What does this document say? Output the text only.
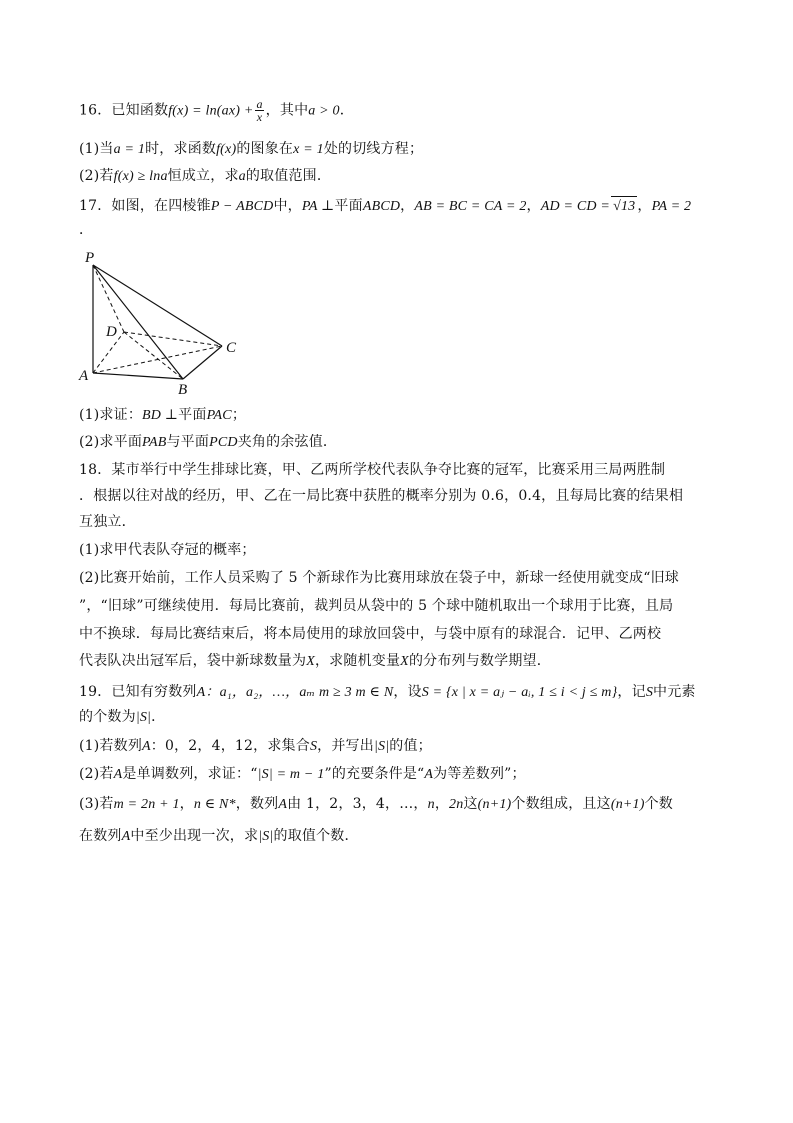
16．已知函数$f(x) = \ln(ax) + \frac{a}{x}$ ，其中a > 0．
(1)当a = 1时，求函数f(x)的图象在x = 1处的切线方程；
(2)若f(x) ≥ lna恒成立，求a的取值范围．
17．如图，在四棱锥P − ABCD中，PA ⊥平面ABCD，AB = BC = CA = 2，AD = CD = √13 ，PA = 2
．
P
D
C
A
B
(1)求证：BD ⊥平面PAC；
(2)求平面PAB与平面PCD夹角的余弦值．
18．某市举行中学生排球比赛，甲、乙两所学校代表队争夺比赛的冠军，比赛采用三局两胜制
．根据以往对战的经历，甲、乙在一局比赛中获胜的概率分别为 0.6，0.4，且每局比赛的结果相
互独立．
(1)求甲代表队夺冠的概率；
(2)比赛开始前，工作人员采购了 5 个新球作为比赛用球放在袋子中，新球一经使用就变成“旧球
”，“旧球”可继续使用．每局比赛前，裁判员从袋中的 5 个球中随机取出一个球用于比赛，且局
中不换球．每局比赛结束后，将本局使用的球放回袋中，与袋中原有的球混合．记甲、乙两校
代表队决出冠军后，袋中新球数量为X，求随机变量X的分布列与数学期望．
19．已知有穷数列A：a₁，a₂，…，aₘ m ≥ 3 m ∈ N，设S = {x | x = aⱼ − aᵢ, 1 ≤ i < j ≤ m}，记S中元素
的个数为|S|．
(1)若数列A：0，2，4，12，求集合S，并写出|S|的值；
(2)若A是单调数列，求证：“|S| = m − 1”的充要条件是“A为等差数列”；
(3)若m = 2n + 1，n ∈ N*，数列A由 1，2，3，4，…，n，2n这(n+1)个数组成，且这(n+1)个数
在数列A中至少出现一次，求|S|的取值个数．
